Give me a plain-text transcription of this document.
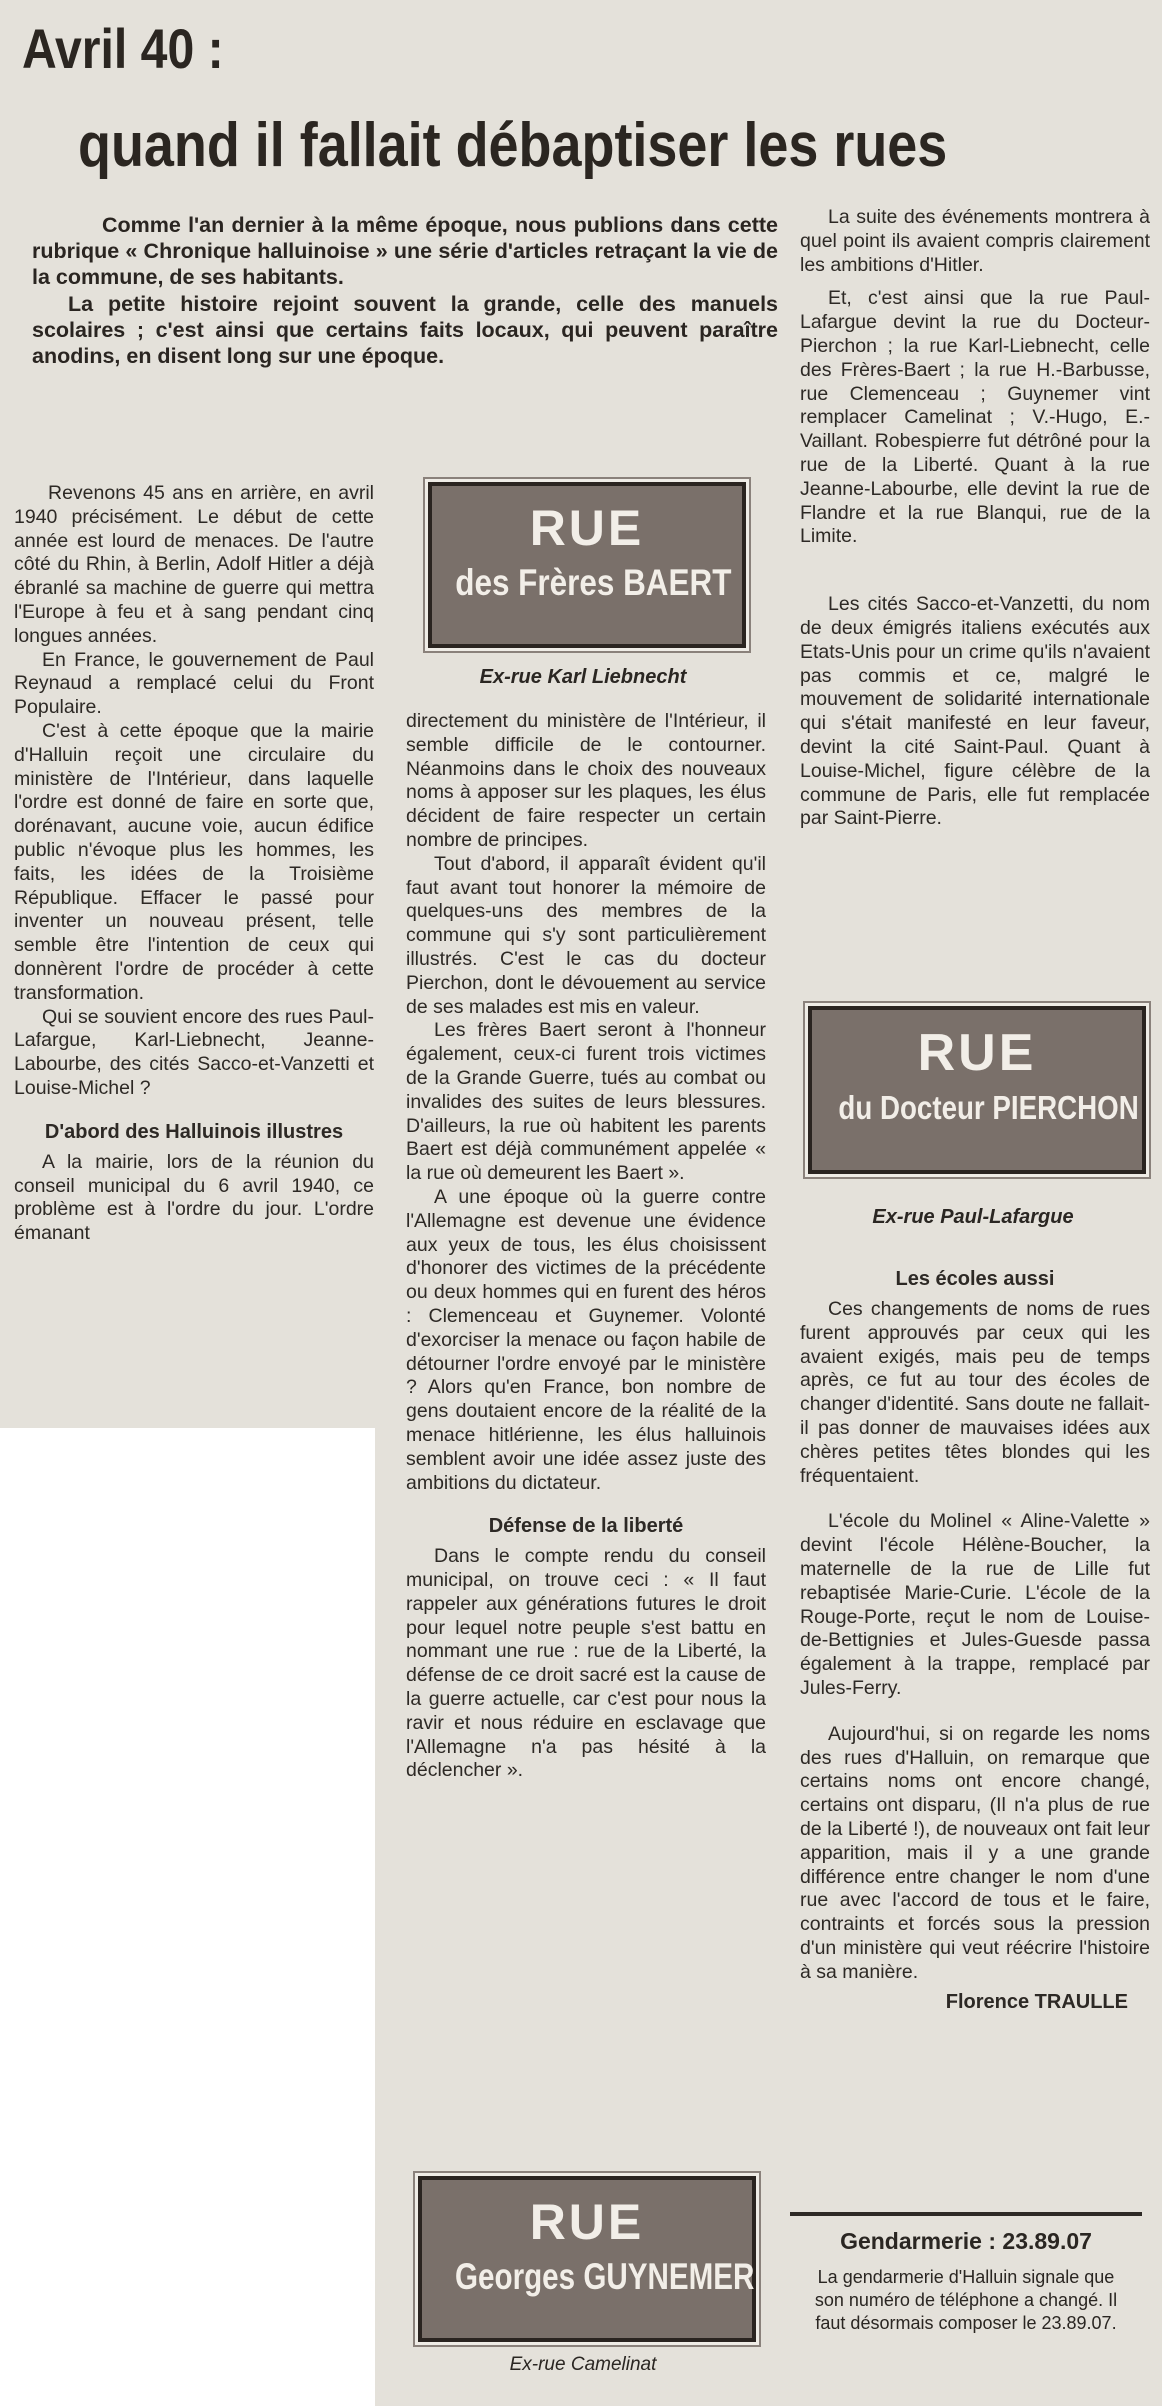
Avril 40 :
quand il fallait débaptiser les rues

Comme l'an dernier à la même époque, nous publions dans cette rubrique « Chronique halluinoise » une série d'articles retraçant la vie de la commune, de ses habitants.

La petite histoire rejoint souvent la grande, celle des manuels scolaires ; c'est ainsi que certains faits locaux, qui peuvent paraître anodins, en disent long sur une époque.

Revenons 45 ans en arrière, en avril 1940 précisément. Le début de cette année est lourd de menaces. De l'autre côté du Rhin, à Berlin, Adolf Hitler a déjà ébranlé sa machine de guerre qui mettra l'Europe à feu et à sang pendant cinq longues années.

En France, le gouvernement de Paul Reynaud a remplacé celui du Front Populaire.

C'est à cette époque que la mairie d'Halluin reçoit une circulaire du ministère de l'Intérieur, dans laquelle l'ordre est donné de faire en sorte que, dorénavant, aucune voie, aucun édifice public n'évoque plus les hommes, les faits, les idées de la Troisième République. Effacer le passé pour inventer un nouveau présent, telle semble être l'intention de ceux qui donnèrent l'ordre de procéder à cette transformation.

Qui se souvient encore des rues Paul-Lafargue, Karl-Liebnecht, Jeanne-Labourbe, des cités Sacco-et-Vanzetti et Louise-Michel ?

D'abord des Halluinois illustres

A la mairie, lors de la réunion du conseil municipal du 6 avril 1940, ce problème est à l'ordre du jour. L'ordre émanant

RUE
des Frères BAERT

Ex-rue Karl Liebnecht

directement du ministère de l'Intérieur, il semble difficile de le contourner. Néanmoins dans le choix des nouveaux noms à apposer sur les plaques, les élus décident de faire respecter un certain nombre de principes.

Tout d'abord, il apparaît évident qu'il faut avant tout honorer la mémoire de quelques-uns des membres de la commune qui s'y sont particulièrement illustrés. C'est le cas du docteur Pierchon, dont le dévouement au service de ses malades est mis en valeur.

Les frères Baert seront à l'honneur également, ceux-ci furent trois victimes de la Grande Guerre, tués au combat ou invalides des suites de leurs blessures. D'ailleurs, la rue où habitent les parents Baert est déjà communément appelée « la rue où demeurent les Baert ».

A une époque où la guerre contre l'Allemagne est devenue une évidence aux yeux de tous, les élus choisissent d'honorer des victimes de la précédente ou deux hommes qui en furent des héros : Clemenceau et Guynemer. Volonté d'exorciser la menace ou façon habile de détourner l'ordre envoyé par le ministère ? Alors qu'en France, bon nombre de gens doutaient encore de la réalité de la menace hitlérienne, les élus halluinois semblent avoir une idée assez juste des ambitions du dictateur.

Défense de la liberté

Dans le compte rendu du conseil municipal, on trouve ceci : « Il faut rappeler aux générations futures le droit pour lequel notre peuple s'est battu en nommant une rue : rue de la Liberté, la défense de ce droit sacré est la cause de la guerre actuelle, car c'est pour nous la ravir et nous réduire en esclavage que l'Allemagne n'a pas hésité à la déclencher ».

RUE
Georges GUYNEMER

Ex-rue Camelinat

La suite des événements montrera à quel point ils avaient compris clairement les ambitions d'Hitler.

Et, c'est ainsi que la rue Paul-Lafargue devint la rue du Docteur-Pierchon ; la rue Karl-Liebnecht, celle des Frères-Baert ; la rue H.-Barbusse, rue Clemenceau ; Guynemer vint remplacer Camelinat ; V.-Hugo, E.-Vaillant. Robespierre fut détrôné pour la rue de la Liberté. Quant à la rue Jeanne-Labourbe, elle devint la rue de Flandre et la rue Blanqui, rue de la Limite.

Les cités Sacco-et-Vanzetti, du nom de deux émigrés italiens exécutés aux Etats-Unis pour un crime qu'ils n'avaient pas commis et ce, malgré le mouvement de solidarité internationale qui s'était manifesté en leur faveur, devint la cité Saint-Paul. Quant à Louise-Michel, figure célèbre de la commune de Paris, elle fut remplacée par Saint-Pierre.

RUE
du Docteur PIERCHON

Ex-rue Paul-Lafargue

Les écoles aussi

Ces changements de noms de rues furent approuvés par ceux qui les avaient exigés, mais peu de temps après, ce fut au tour des écoles de changer d'identité. Sans doute ne fallait-il pas donner de mauvaises idées aux chères petites têtes blondes qui les fréquentaient.

L'école du Molinel « Aline-Valette » devint l'école Hélène-Boucher, la maternelle de la rue de Lille fut rebaptisée Marie-Curie. L'école de la Rouge-Porte, reçut le nom de Louise-de-Bettignies et Jules-Guesde passa également à la trappe, remplacé par Jules-Ferry.

Aujourd'hui, si on regarde les noms des rues d'Halluin, on remarque que certains noms ont encore changé, certains ont disparu, (Il n'a plus de rue de la Liberté !), de nouveaux ont fait leur apparition, mais il y a une grande différence entre changer le nom d'une rue avec l'accord de tous et le faire, contraints et forcés sous la pression d'un ministère qui veut réécrire l'histoire à sa manière.

Florence TRAULLE

Gendarmerie : 23.89.07

La gendarmerie d'Halluin signale que son numéro de téléphone a changé. Il faut désormais composer le 23.89.07.
